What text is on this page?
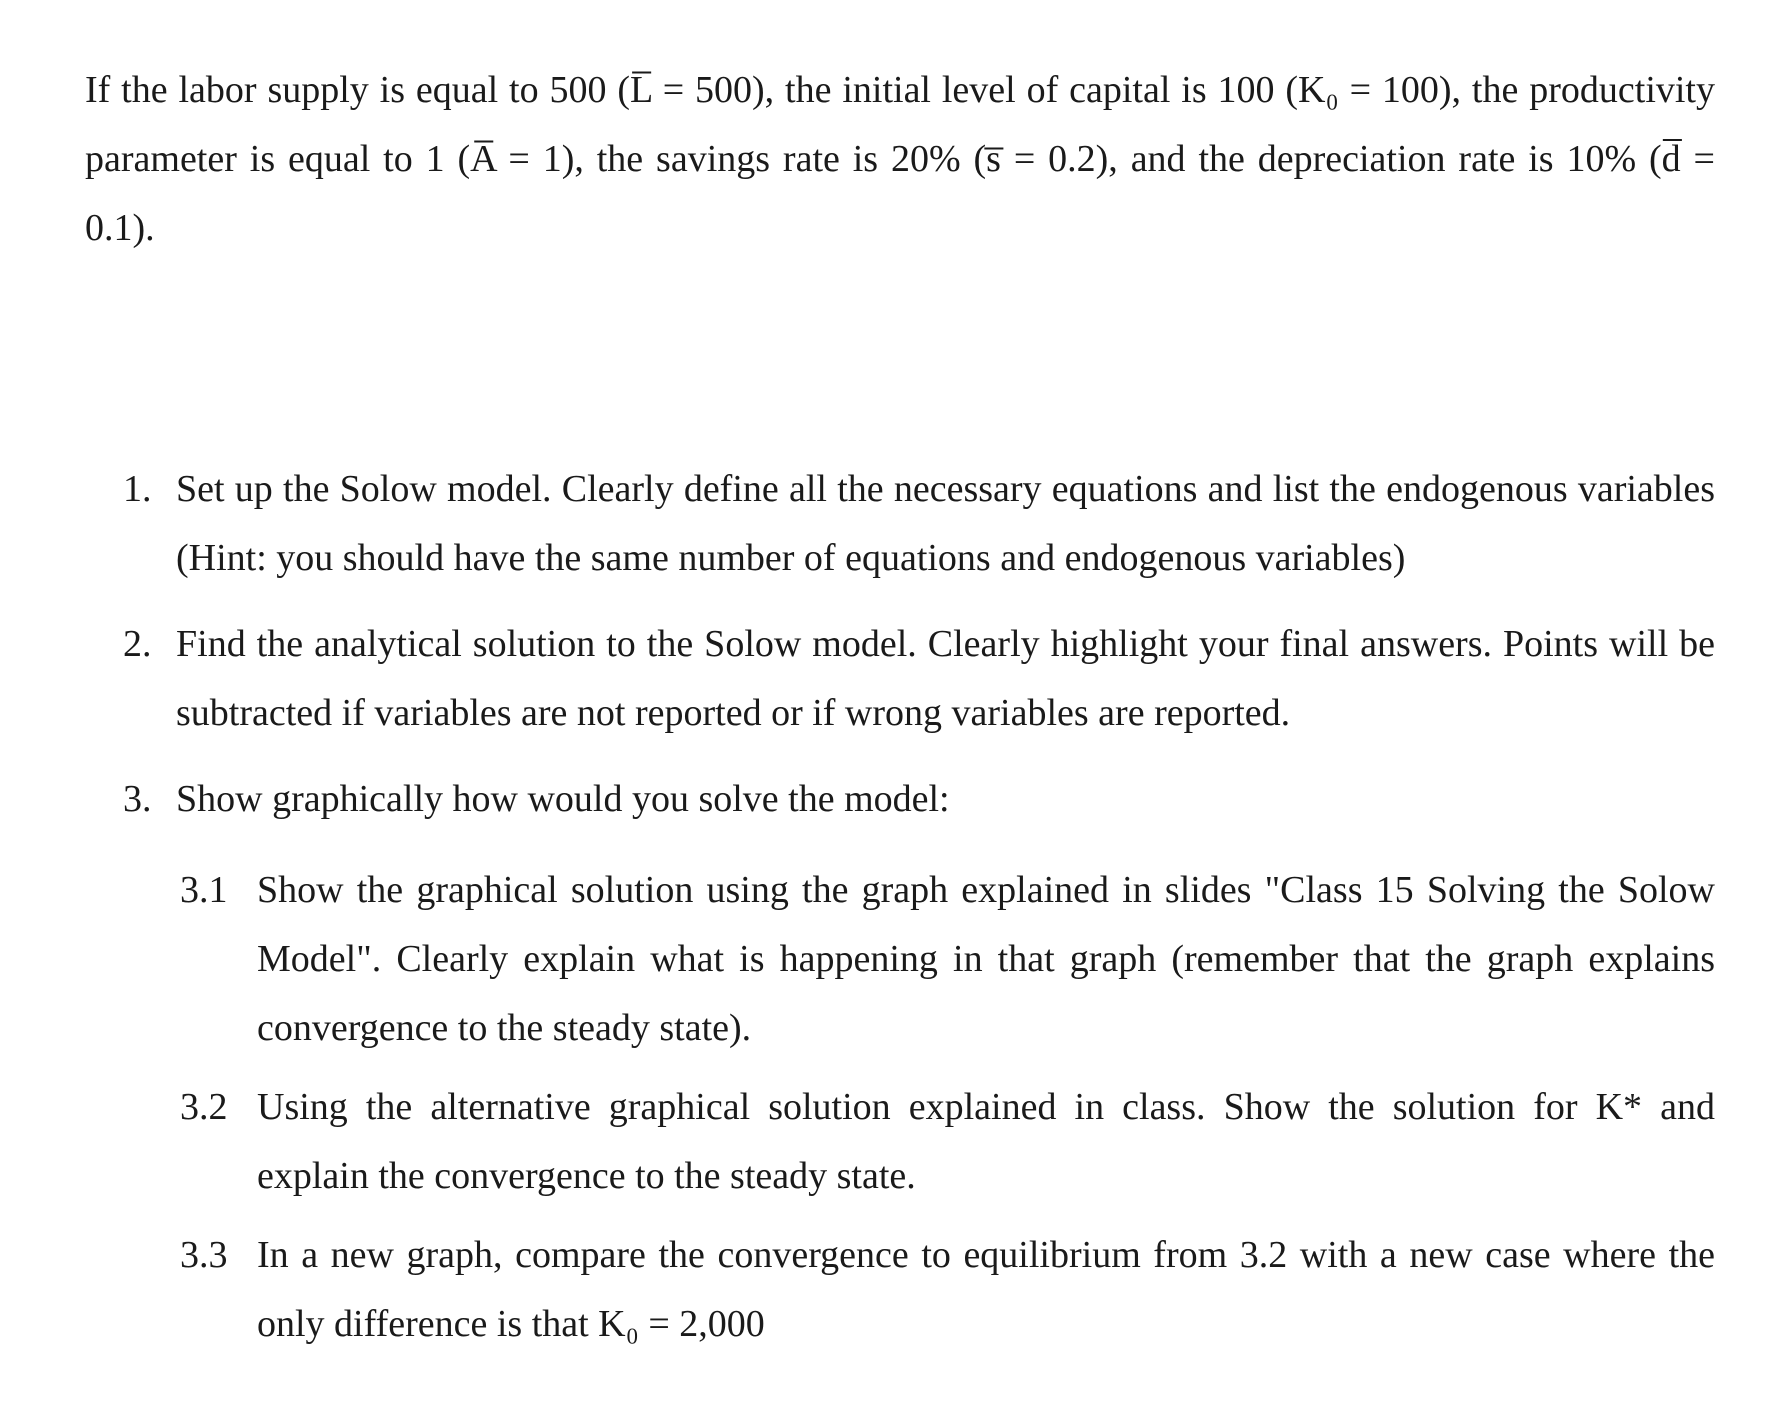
If the labor supply is equal to 500 (L̅ = 500), the initial level of capital is 100 (K₀ = 100), the productivity parameter is equal to 1 (A̅ = 1), the savings rate is 20% (s̅ = 0.2), and the depreciation rate is 10% (d̅ = 0.1).

1. Set up the Solow model. Clearly define all the necessary equations and list the endogenous variables (Hint: you should have the same number of equations and endogenous variables)
2. Find the analytical solution to the Solow model. Clearly highlight your final answers. Points will be subtracted if variables are not reported or if wrong variables are reported.
3. Show graphically how would you solve the model:
3.1 Show the graphical solution using the graph explained in slides "Class 15 Solving the Solow Model". Clearly explain what is happening in that graph (remember that the graph explains convergence to the steady state).
3.2 Using the alternative graphical solution explained in class. Show the solution for K* and explain the convergence to the steady state.
3.3 In a new graph, compare the convergence to equilibrium from 3.2 with a new case where the only difference is that K₀ = 2,000
